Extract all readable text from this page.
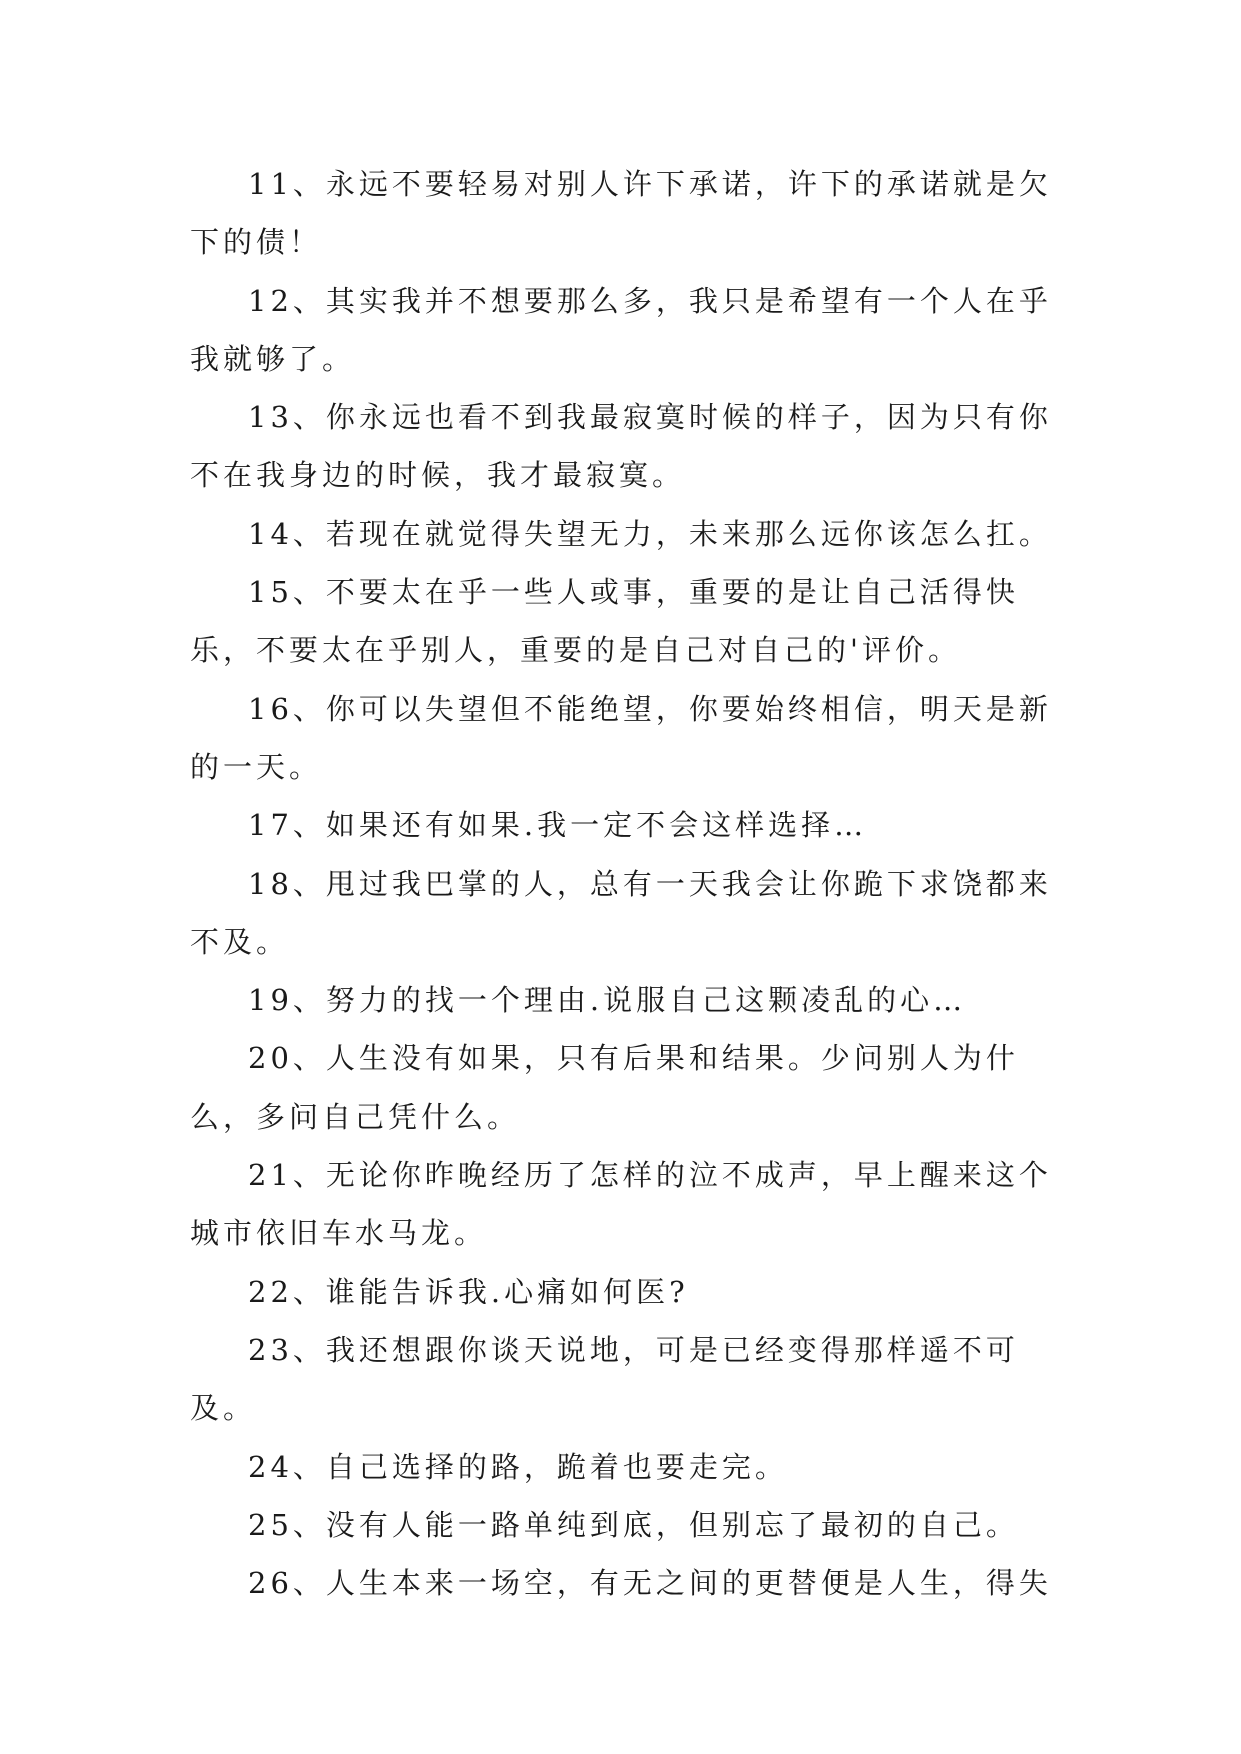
11、永远不要轻易对别人许下承诺，许下的承诺就是欠下的债！

12、其实我并不想要那么多，我只是希望有一个人在乎我就够了。

13、你永远也看不到我最寂寞时候的样子，因为只有你不在我身边的时候，我才最寂寞。

14、若现在就觉得失望无力，未来那么远你该怎么扛。

15、不要太在乎一些人或事，重要的是让自己活得快乐，不要太在乎别人，重要的是自己对自己的'评价。

16、你可以失望但不能绝望，你要始终相信，明天是新的一天。

17、如果还有如果.我一定不会这样选择…

18、甩过我巴掌的人，总有一天我会让你跪下求饶都来不及。

19、努力的找一个理由.说服自己这颗凌乱的心…

20、人生没有如果，只有后果和结果。少问别人为什么，多问自己凭什么。

21、无论你昨晚经历了怎样的泣不成声，早上醒来这个城市依旧车水马龙。

22、谁能告诉我.心痛如何医?

23、我还想跟你谈天说地，可是已经变得那样遥不可及。

24、自己选择的路，跪着也要走完。

25、没有人能一路单纯到底，但别忘了最初的自己。

26、人生本来一场空，有无之间的更替便是人生，得失
